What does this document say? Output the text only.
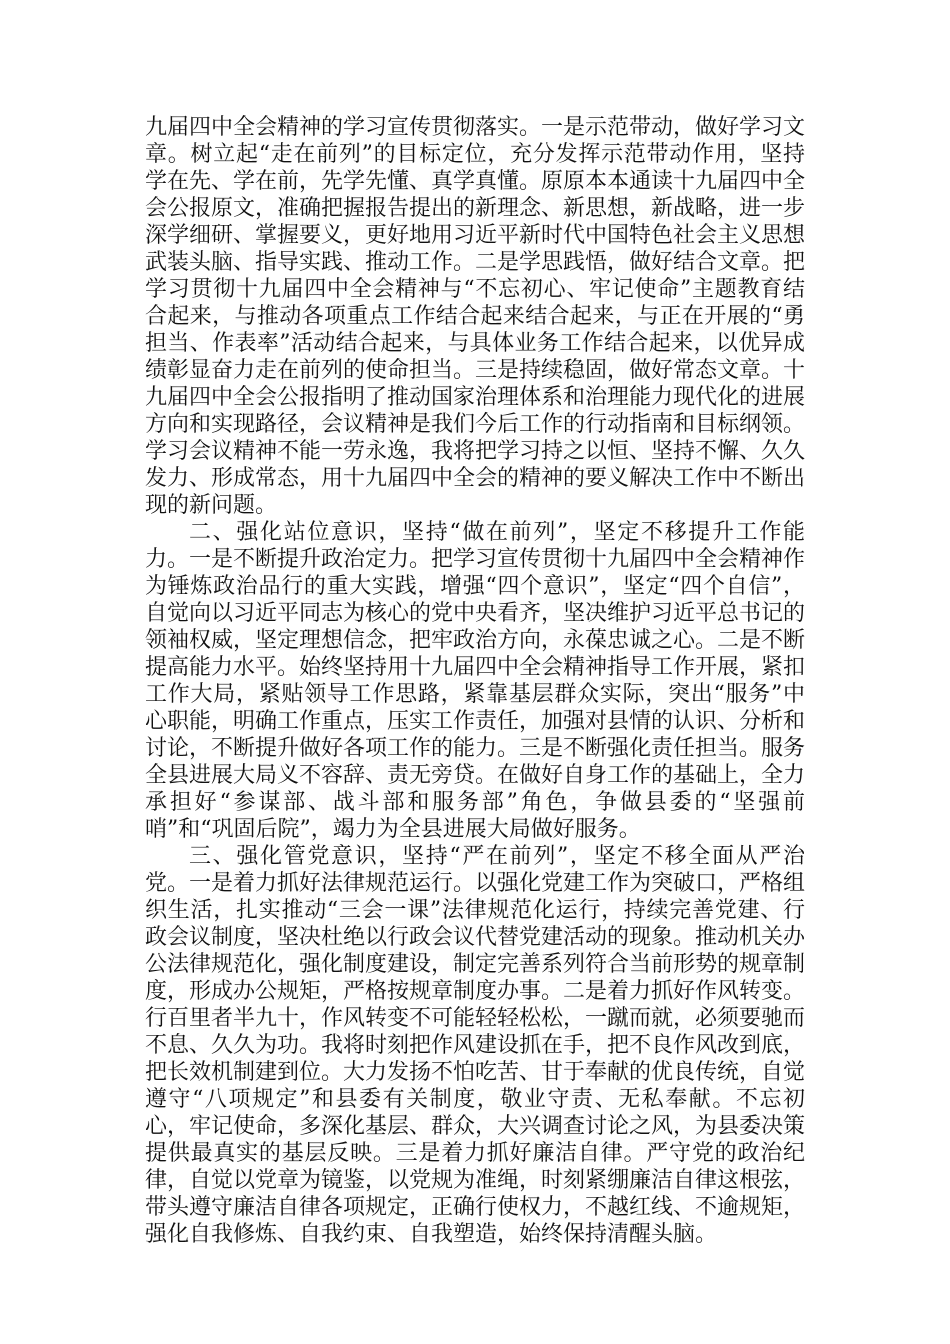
九届四中全会精神的学习宣传贯彻落实。一是示范带动，做好学习文章。树立起“走在前列”的目标定位，充分发挥示范带动作用，坚持学在先、学在前，先学先懂、真学真懂。原原本本通读十九届四中全会公报原文，准确把握报告提出的新理念、新思想，新战略，进一步深学细研、掌握要义，更好地用习近平新时代中国特色社会主义思想武装头脑、指导实践、推动工作。二是学思践悟，做好结合文章。把学习贯彻十九届四中全会精神与“不忘初心、牢记使命”主题教育结合起来，与推动各项重点工作结合起来结合起来，与正在开展的“勇担当、作表率”活动结合起来，与具体业务工作结合起来，以优异成绩彰显奋力走在前列的使命担当。三是持续稳固，做好常态文章。十九届四中全会公报指明了推动国家治理体系和治理能力现代化的进展方向和实现路径，会议精神是我们今后工作的行动指南和目标纲领。学习会议精神不能一劳永逸，我将把学习持之以恒、坚持不懈、久久发力、形成常态，用十九届四中全会的精神的要义解决工作中不断出现的新问题。

二、强化站位意识，坚持“做在前列”，坚定不移提升工作能力。一是不断提升政治定力。把学习宣传贯彻十九届四中全会精神作为锤炼政治品行的重大实践，增强“四个意识”，坚定“四个自信”，自觉向以习近平同志为核心的党中央看齐，坚决维护习近平总书记的领袖权威，坚定理想信念，把牢政治方向，永葆忠诚之心。二是不断提高能力水平。始终坚持用十九届四中全会精神指导工作开展，紧扣工作大局，紧贴领导工作思路，紧靠基层群众实际，突出“服务”中心职能，明确工作重点，压实工作责任，加强对县情的认识、分析和讨论，不断提升做好各项工作的能力。三是不断强化责任担当。服务全县进展大局义不容辞、责无旁贷。在做好自身工作的基础上，全力承担好“参谋部、战斗部和服务部”角色，争做县委的“坚强前哨”和“巩固后院”，竭力为全县进展大局做好服务。

三、强化管党意识，坚持“严在前列”，坚定不移全面从严治党。一是着力抓好法律规范运行。以强化党建工作为突破口，严格组织生活，扎实推动“三会一课”法律规范化运行，持续完善党建、行政会议制度，坚决杜绝以行政会议代替党建活动的现象。推动机关办公法律规范化，强化制度建设，制定完善系列符合当前形势的规章制度，形成办公规矩，严格按规章制度办事。二是着力抓好作风转变。行百里者半九十，作风转变不可能轻轻松松，一蹴而就，必须要驰而不息、久久为功。我将时刻把作风建设抓在手，把不良作风改到底，把长效机制建到位。大力发扬不怕吃苦、甘于奉献的优良传统，自觉遵守“八项规定”和县委有关制度，敬业守责、无私奉献。不忘初心，牢记使命，多深化基层、群众，大兴调查讨论之风，为县委决策提供最真实的基层反映。三是着力抓好廉洁自律。严守党的政治纪律，自觉以党章为镜鉴，以党规为准绳，时刻紧绷廉洁自律这根弦，带头遵守廉洁自律各项规定，正确行使权力，不越红线、不逾规矩，强化自我修炼、自我约束、自我塑造，始终保持清醒头脑。
